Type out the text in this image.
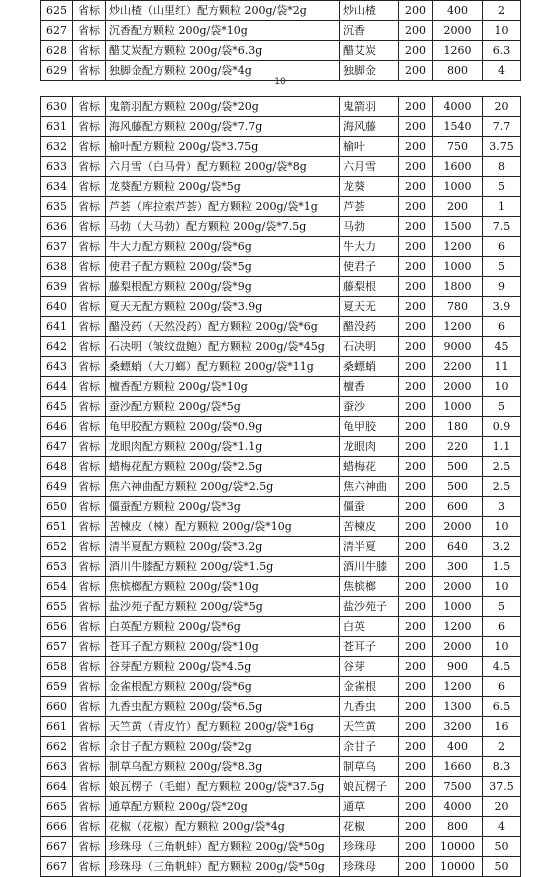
625	省标	炒山楂（山里红）配方颗粒 200g/袋*2g	炒山楂	200	400	2
627	省标	沉香配方颗粒 200g/袋*10g	沉香	200	2000	10
628	省标	醋艾炭配方颗粒 200g/袋*6.3g	醋艾炭	200	1260	6.3
629	省标	独脚金配方颗粒 200g/袋*4g	独脚金	200	800	4
10
630	省标	鬼箭羽配方颗粒 200g/袋*20g	鬼箭羽	200	4000	20
631	省标	海风藤配方颗粒 200g/袋*7.7g	海风藤	200	1540	7.7
632	省标	榆叶配方颗粒 200g/袋*3.75g	榆叶	200	750	3.75
633	省标	六月雪（白马骨）配方颗粒 200g/袋*8g	六月雪	200	1600	8
634	省标	龙葵配方颗粒 200g/袋*5g	龙葵	200	1000	5
635	省标	芦荟（库拉索芦荟）配方颗粒 200g/袋*1g	芦荟	200	200	1
636	省标	马勃（大马勃）配方颗粒 200g/袋*7.5g	马勃	200	1500	7.5
637	省标	牛大力配方颗粒 200g/袋*6g	牛大力	200	1200	6
638	省标	使君子配方颗粒 200g/袋*5g	使君子	200	1000	5
639	省标	藤梨根配方颗粒 200g/袋*9g	藤梨根	200	1800	9
640	省标	夏天无配方颗粒 200g/袋*3.9g	夏天无	200	780	3.9
641	省标	醋没药（天然没药）配方颗粒 200g/袋*6g	醋没药	200	1200	6
642	省标	石决明（皱纹盘鲍）配方颗粒 200g/袋*45g	石决明	200	9000	45
643	省标	桑螵蛸（大刀螂）配方颗粒 200g/袋*11g	桑螵蛸	200	2200	11
644	省标	檀香配方颗粒 200g/袋*10g	檀香	200	2000	10
645	省标	蚕沙配方颗粒 200g/袋*5g	蚕沙	200	1000	5
646	省标	龟甲胶配方颗粒 200g/袋*0.9g	龟甲胶	200	180	0.9
647	省标	龙眼肉配方颗粒 200g/袋*1.1g	龙眼肉	200	220	1.1
648	省标	蜡梅花配方颗粒 200g/袋*2.5g	蜡梅花	200	500	2.5
649	省标	焦六神曲配方颗粒 200g/袋*2.5g	焦六神曲	200	500	2.5
650	省标	僵蚕配方颗粒 200g/袋*3g	僵蚕	200	600	3
651	省标	苦楝皮（楝）配方颗粒 200g/袋*10g	苦楝皮	200	2000	10
652	省标	清半夏配方颗粒 200g/袋*3.2g	清半夏	200	640	3.2
653	省标	酒川牛膝配方颗粒 200g/袋*1.5g	酒川牛膝	200	300	1.5
654	省标	焦槟榔配方颗粒 200g/袋*10g	焦槟榔	200	2000	10
655	省标	盐沙苑子配方颗粒 200g/袋*5g	盐沙苑子	200	1000	5
656	省标	白英配方颗粒 200g/袋*6g	白英	200	1200	6
657	省标	苍耳子配方颗粒 200g/袋*10g	苍耳子	200	2000	10
658	省标	谷芽配方颗粒 200g/袋*4.5g	谷芽	200	900	4.5
659	省标	金雀根配方颗粒 200g/袋*6g	金雀根	200	1200	6
660	省标	九香虫配方颗粒 200g/袋*6.5g	九香虫	200	1300	6.5
661	省标	天竺黄（青皮竹）配方颗粒 200g/袋*16g	天竺黄	200	3200	16
662	省标	余甘子配方颗粒 200g/袋*2g	余甘子	200	400	2
663	省标	制草乌配方颗粒 200g/袋*8.3g	制草乌	200	1660	8.3
664	省标	娘瓦楞子（毛蚶）配方颗粒 200g/袋*37.5g	娘瓦楞子	200	7500	37.5
665	省标	通草配方颗粒 200g/袋*20g	通草	200	4000	20
666	省标	花椒（花椒）配方颗粒 200g/袋*4g	花椒	200	800	4
667	省标	珍珠母（三角帆蚌）配方颗粒 200g/袋*50g	珍珠母	200	10000	50
667	省标	珍珠母（三角帆蚌）配方颗粒 200g/袋*50g	珍珠母	200	10000	50
